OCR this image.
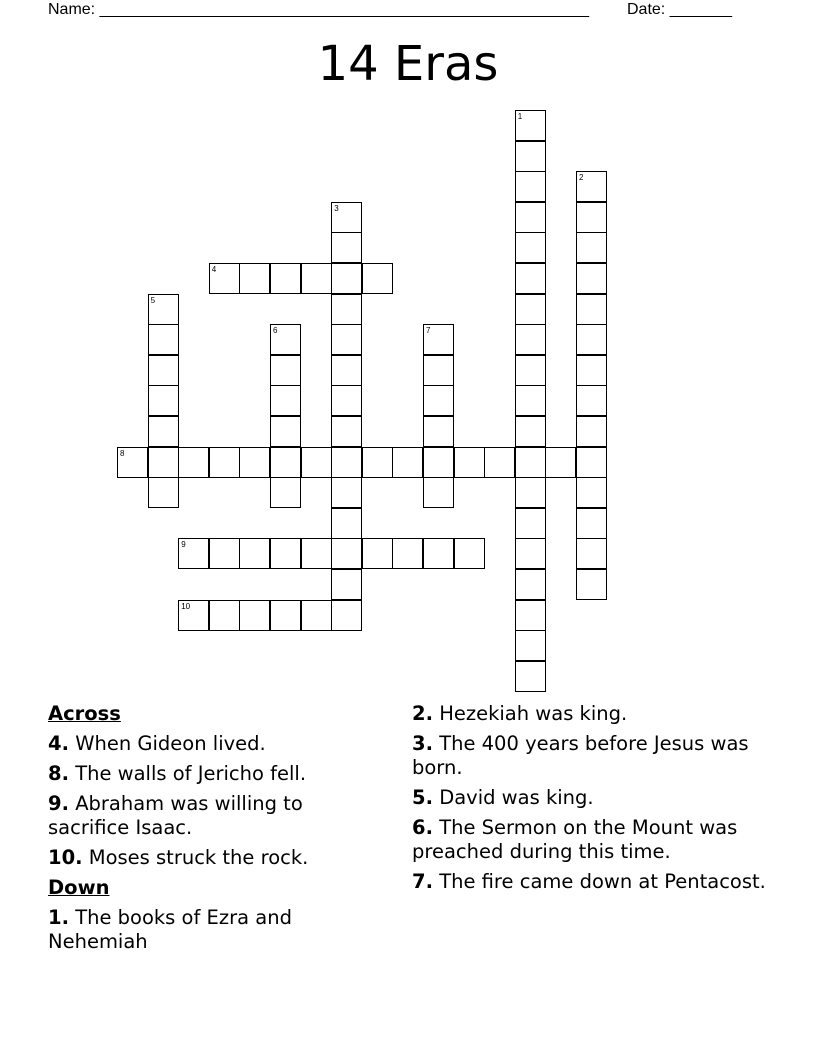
Name: _______________________________________________________ Date: _______
14 Eras
1
2
3
4
5
6	7
8
9
10
Across
4. When Gideon lived.
8. The walls of Jericho fell.
9. Abraham was willing to sacrifice Isaac.
10. Moses struck the rock.
Down
1. The books of Ezra and Nehemiah
2. Hezekiah was king.
3. The 400 years before Jesus was born.
5. David was king.
6. The Sermon on the Mount was preached during this time.
7. The fire came down at Pentacost.
